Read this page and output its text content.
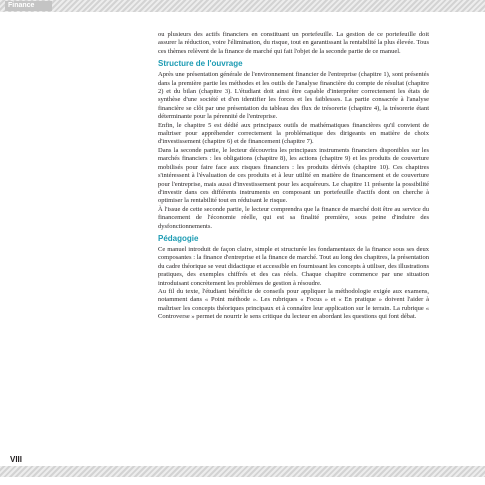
Finance

ou plusieurs des actifs financiers en constituant un portefeuille. La gestion de ce portefeuille doit assurer la réduction, voire l'élimination, du risque, tout en garantissant la rentabilité la plus élevée. Tous ces thèmes relèvent de la finance de marché qui fait l'objet de la seconde partie de ce manuel.

Structure de l'ouvrage

Après une présentation générale de l'environnement financier de l'entreprise (chapitre 1), sont présentés dans la première partie les méthodes et les outils de l'analyse financière du compte de résultat (chapitre 2) et du bilan (chapitre 3). L'étudiant doit ainsi être capable d'interpréter correctement les états de synthèse d'une société et d'en identifier les forces et les faiblesses. La partie consacrée à l'analyse financière se clôt par une présentation du tableau des flux de trésorerie (chapitre 4), la trésorerie étant déterminante pour la pérennité de l'entreprise.

Enfin, le chapitre 5 est dédié aux principaux outils de mathématiques financières qu'il convient de maîtriser pour appréhender correctement la problématique des dirigeants en matière de choix d'investissement (chapitre 6) et de financement (chapitre 7).

Dans la seconde partie, le lecteur découvrira les principaux instruments financiers disponibles sur les marchés financiers : les obligations (chapitre 8), les actions (chapitre 9) et les produits de couverture mobilisés pour faire face aux risques financiers : les produits dérivés (chapitre 10). Ces chapitres s'intéressent à l'évaluation de ces produits et à leur utilité en matière de financement et de couverture pour l'entreprise, mais aussi d'investissement pour les acquéreurs. Le chapitre 11 présente la possibilité d'investir dans ces différents instruments en composant un portefeuille d'actifs dont on cherche à optimiser la rentabilité tout en réduisant le risque.

À l'issue de cette seconde partie, le lecteur comprendra que la finance de marché doit être au service du financement de l'économie réelle, qui est sa finalité première, sous peine d'induire des dysfonctionnements.

Pédagogie

Ce manuel introduit de façon claire, simple et structurée les fondamentaux de la finance sous ses deux composantes : la finance d'entreprise et la finance de marché. Tout au long des chapitres, la présentation du cadre théorique se veut didactique et accessible en fournissant les concepts à utiliser, des illustrations pratiques, des exemples chiffrés et des cas réels. Chaque chapitre commence par une situation introduisant concrètement les problèmes de gestion à résoudre.

Au fil du texte, l'étudiant bénéficie de conseils pour appliquer la méthodologie exigée aux examens, notamment dans « Point méthode ». Les rubriques « Focus » et « En pratique » doivent l'aider à maîtriser les concepts théoriques principaux et à connaître leur application sur le terrain. La rubrique « Controverse » permet de nourrir le sens critique du lecteur en abordant les questions qui font débat.

VIII
